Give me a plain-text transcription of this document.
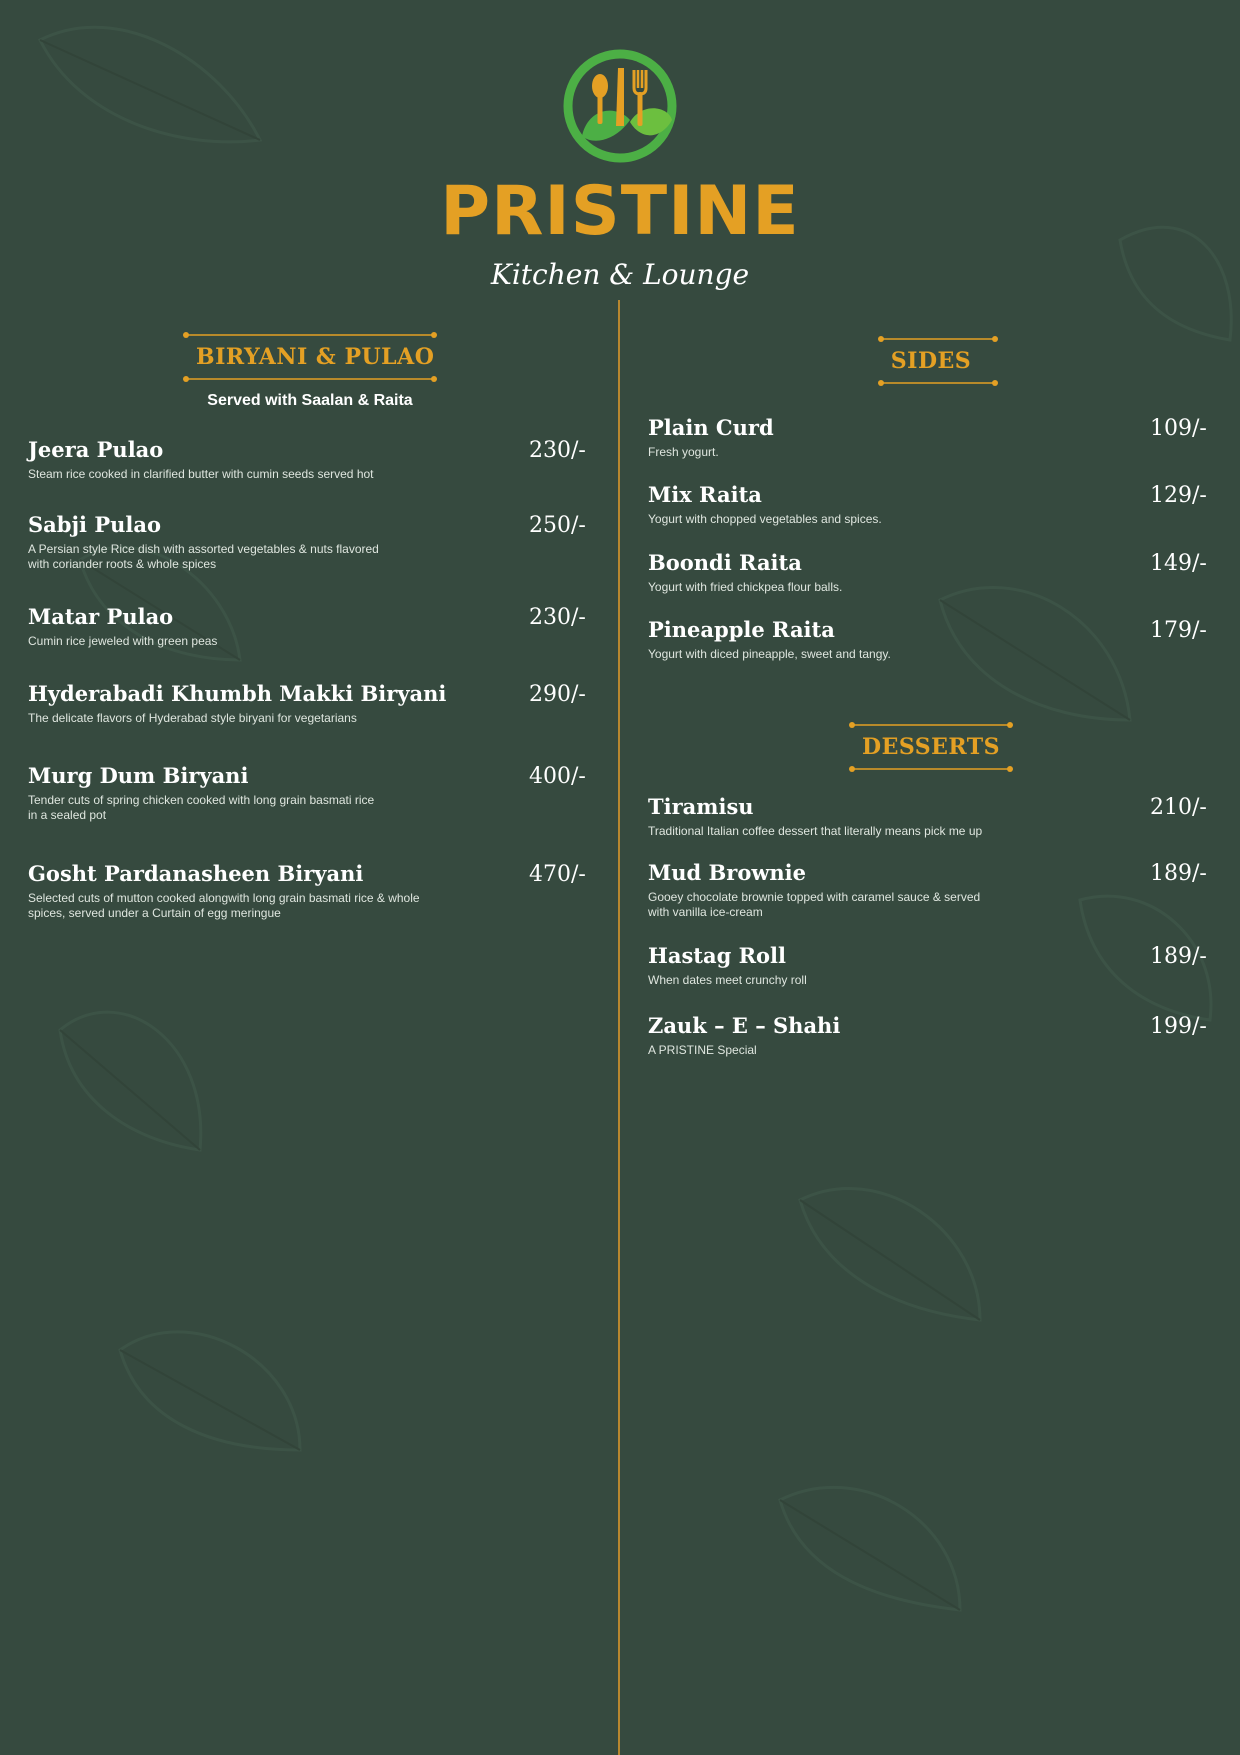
PRISTINE
Kitchen & Lounge
BIRYANI & PULAO
Served with Saalan & Raita
SIDES
DESSERTS
Jeera Pulao
Steam rice cooked in clarified butter with cumin seeds served hot
230/-
Sabji Pulao
A Persian style Rice dish with assorted vegetables & nuts flavored
with coriander roots & whole spices
250/-
Matar Pulao
Cumin rice jeweled with green peas
230/-
Hyderabadi Khumbh Makki Biryani
The delicate flavors of Hyderabad style biryani for vegetarians
290/-
Murg Dum Biryani
Tender cuts of spring chicken cooked with long grain basmati rice
in a sealed pot
400/-
Gosht Pardanasheen Biryani
Selected cuts of mutton cooked alongwith long grain basmati rice & whole
spices, served under a Curtain of egg meringue
470/-
Plain Curd
Fresh yogurt.
109/-
Mix Raita
Yogurt with chopped vegetables and spices.
129/-
Boondi Raita
Yogurt with fried chickpea flour balls.
149/-
Pineapple Raita
Yogurt with diced pineapple, sweet and tangy.
179/-
Tiramisu
Traditional Italian coffee dessert that literally means pick me up
210/-
Mud Brownie
Gooey chocolate brownie topped with caramel sauce & served
with vanilla ice-cream
189/-
Hastag Roll
When dates meet crunchy roll
189/-
Zauk – E – Shahi
A PRISTINE Special
199/-
